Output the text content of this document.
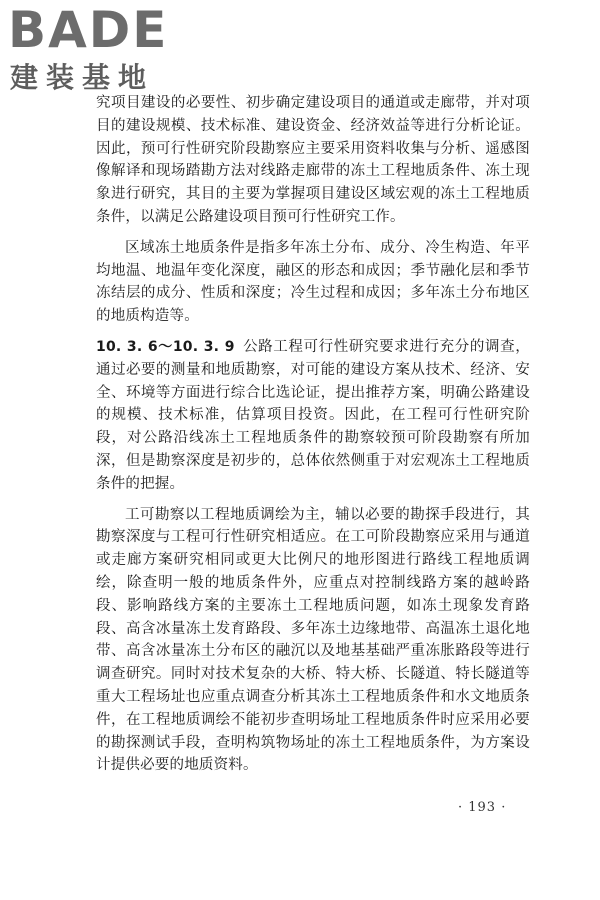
BADE
建装基地

究项目建设的必要性、初步确定建设项目的通道或走廊带，并对项目的建设规模、技术标准、建设资金、经济效益等进行分析论证。因此，预可行性研究阶段勘察应主要采用资料收集与分析、遥感图像解译和现场踏勘方法对线路走廊带的冻土工程地质条件、冻土现象进行研究，其目的主要为掌握项目建设区域宏观的冻土工程地质条件，以满足公路建设项目预可行性研究工作。

区域冻土地质条件是指多年冻土分布、成分、冷生构造、年平均地温、地温年变化深度，融区的形态和成因；季节融化层和季节冻结层的成分、性质和深度；冷生过程和成因；多年冻土分布地区的地质构造等。

10. 3. 6～10. 3. 9 公路工程可行性研究要求进行充分的调查，通过必要的测量和地质勘察，对可能的建设方案从技术、经济、安全、环境等方面进行综合比选论证，提出推荐方案，明确公路建设的规模、技术标准，估算项目投资。因此，在工程可行性研究阶段，对公路沿线冻土工程地质条件的勘察较预可阶段勘察有所加深，但是勘察深度是初步的，总体依然侧重于对宏观冻土工程地质条件的把握。

工可勘察以工程地质调绘为主，辅以必要的勘探手段进行，其勘察深度与工程可行性研究相适应。在工可阶段勘察应采用与通道或走廊方案研究相同或更大比例尺的地形图进行路线工程地质调绘，除查明一般的地质条件外，应重点对控制线路方案的越岭路段、影响路线方案的主要冻土工程地质问题，如冻土现象发育路段、高含冰量冻土发育路段、多年冻土边缘地带、高温冻土退化地带、高含冰量冻土分布区的融沉以及地基基础严重冻胀路段等进行调查研究。同时对技术复杂的大桥、特大桥、长隧道、特长隧道等重大工程场址也应重点调查分析其冻土工程地质条件和水文地质条件，在工程地质调绘不能初步查明场址工程地质条件时应采用必要的勘探测试手段，查明构筑物场址的冻土工程地质条件，为方案设计提供必要的地质资料。

· 193 ·
